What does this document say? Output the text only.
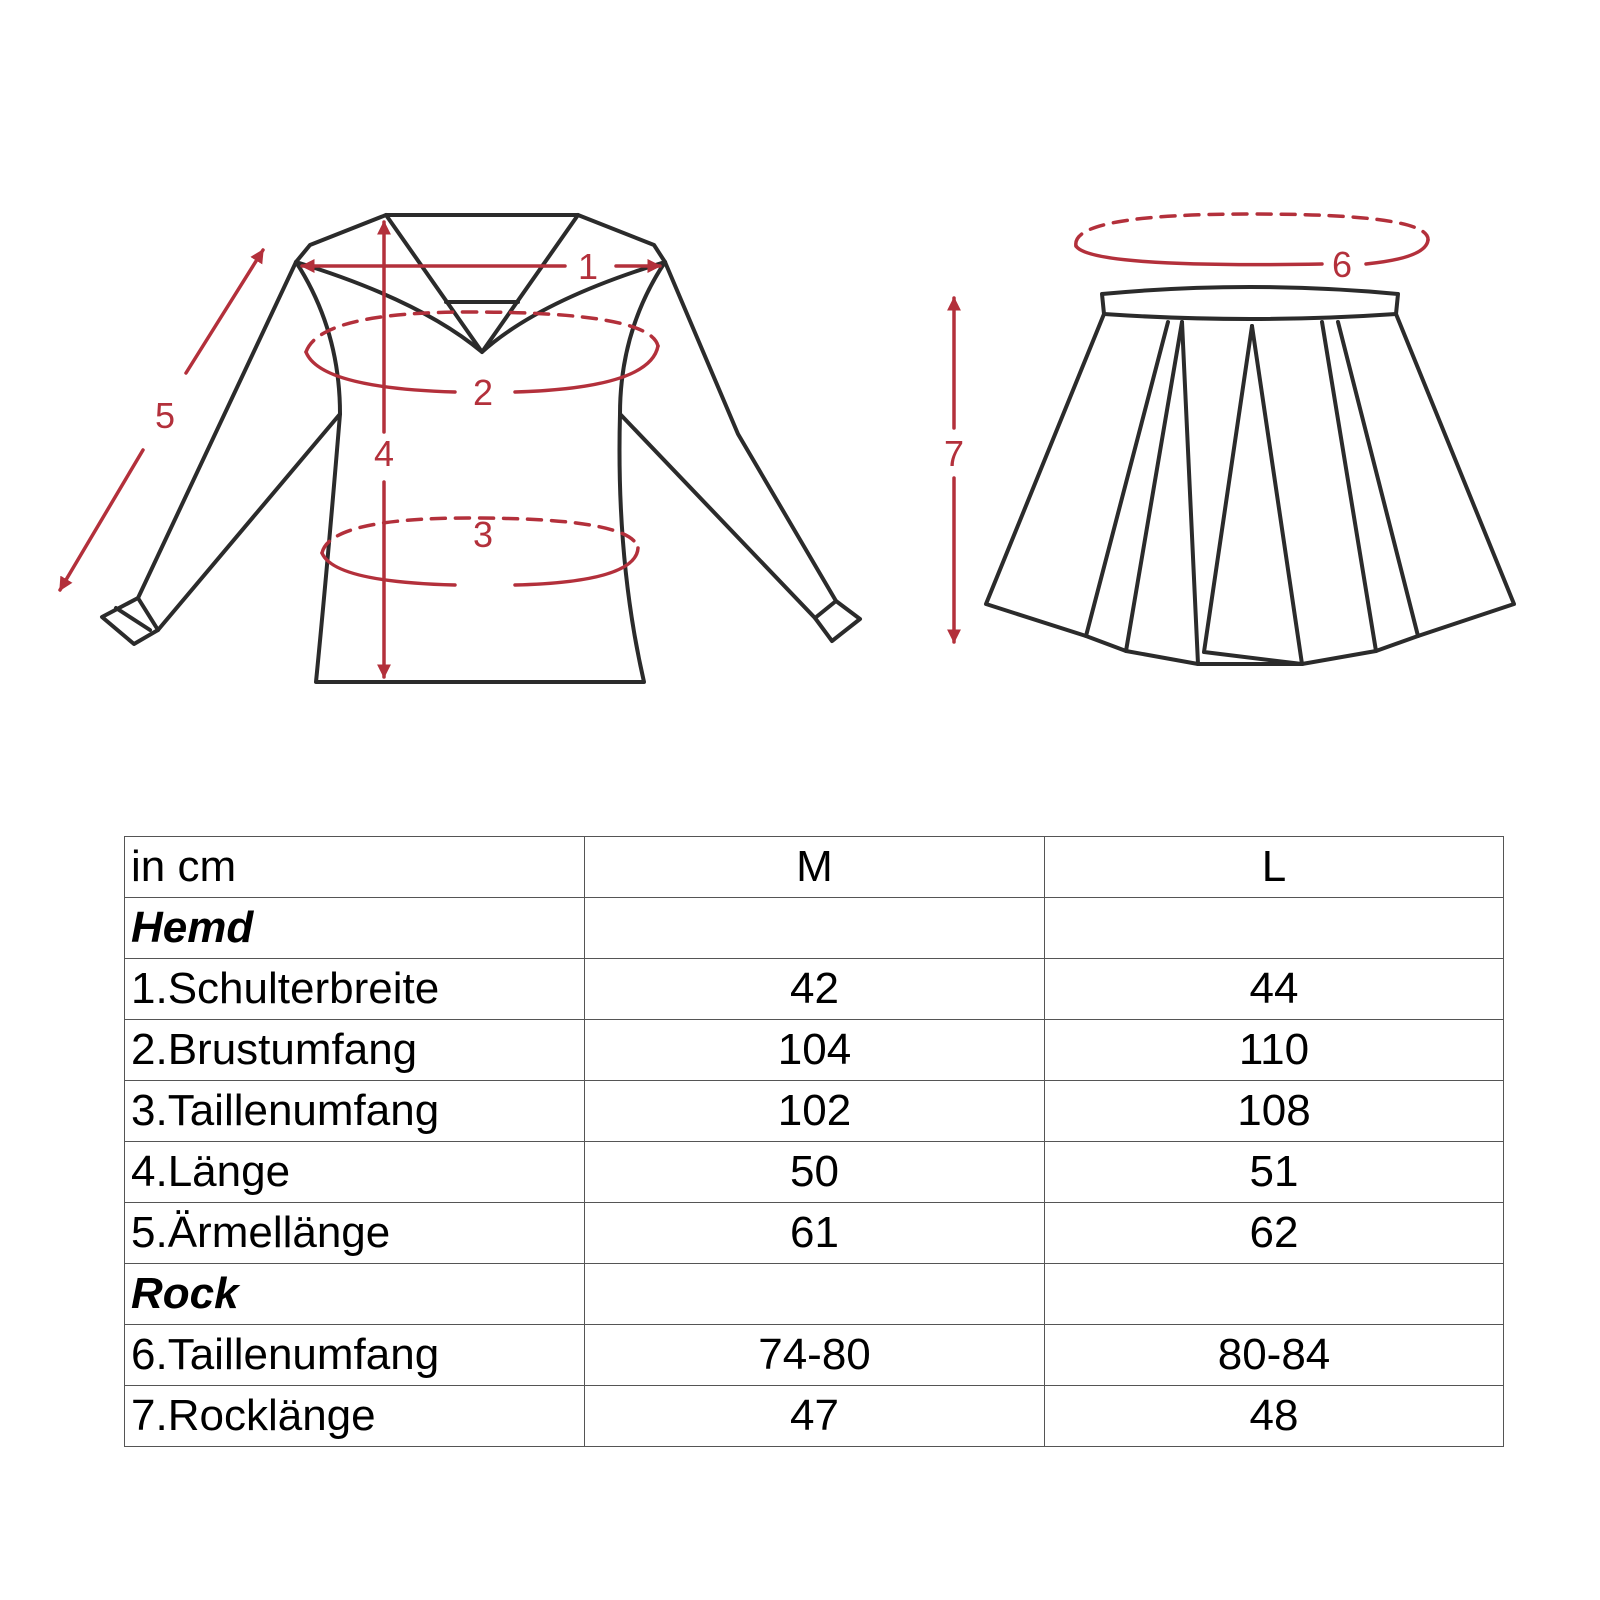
1
2
3
4
5
6
7
in cm	M	L
Hemd		
1.Schulterbreite	42	44
2.Brustumfang	104	110
3.Taillenumfang	102	108
4.Länge	50	51
5.Ärmellänge	61	62
Rock		
6.Taillenumfang	74-80	80-84
7.Rocklänge	47	48
